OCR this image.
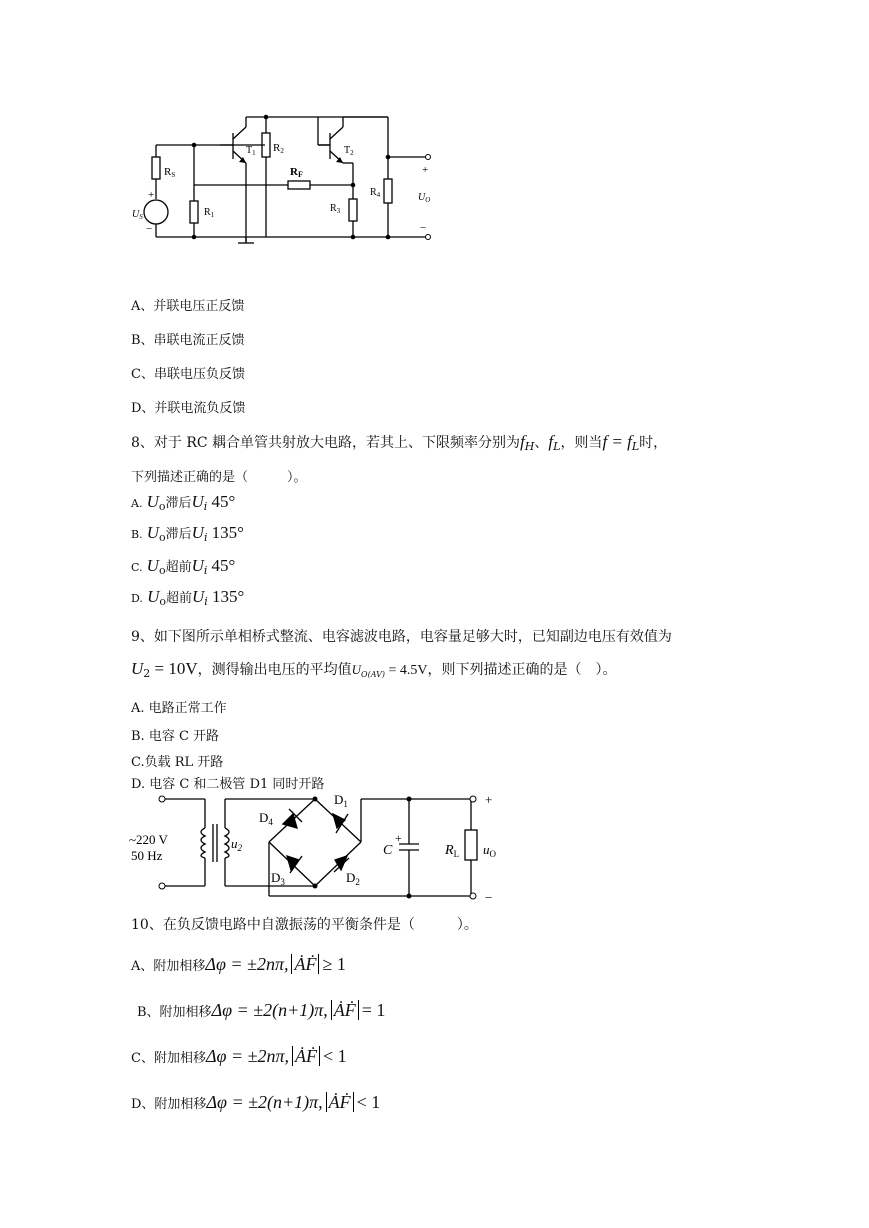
RS
$R_1$
R2
$R_3$
$R_4$
RF
$T_1$	$T_2$
$U_S$
+
−
$U_O$
+
−
A、并联电压正反馈
B、串联电流正反馈
C、串联电压负反馈
D、并联电流负反馈
8、对于 RC 耦合单管共射放大电路，若其上、下限频率分别为$f_H$、$f_L$，则当$f = f_L$时，
下列描述正确的是（　　　）。
A. $U_o$滞后$U_i$ 45°
B. $U_o$滞后$U_i$ 135°
C. $U_o$超前$U_i$ 45°
D. $U_o$超前$U_i$ 135°
9、如下图所示单相桥式整流、电容滤波电路，电容量足够大时，已知副边电压有效值为
$U_2 = 10V$，测得输出电压的平均值$U_{O(AV)} = 4.5V$，则下列描述正确的是（　）。
A. 电路正常工作
B. 电容 C 开路
C.负载 RL 开路
D. 电容 C 和二极管 D1 同时开路
~220 V
50 Hz
$u_2$
$D_4$
$D_1$
$D_3$	$D_2$
C
+
$R_L$ $u_O$
+
−
10、在负反馈电路中自激振荡的平衡条件是（　　　）。
A、附加相移Δφ = ±2nπ, ȦḞ ≥ 1
B、附加相移Δφ = ±2(n+1)π, ȦḞ = 1
C、附加相移Δφ = ±2nπ, ȦḞ < 1
D、附加相移Δφ = ±2(n+1)π, ȦḞ < 1
